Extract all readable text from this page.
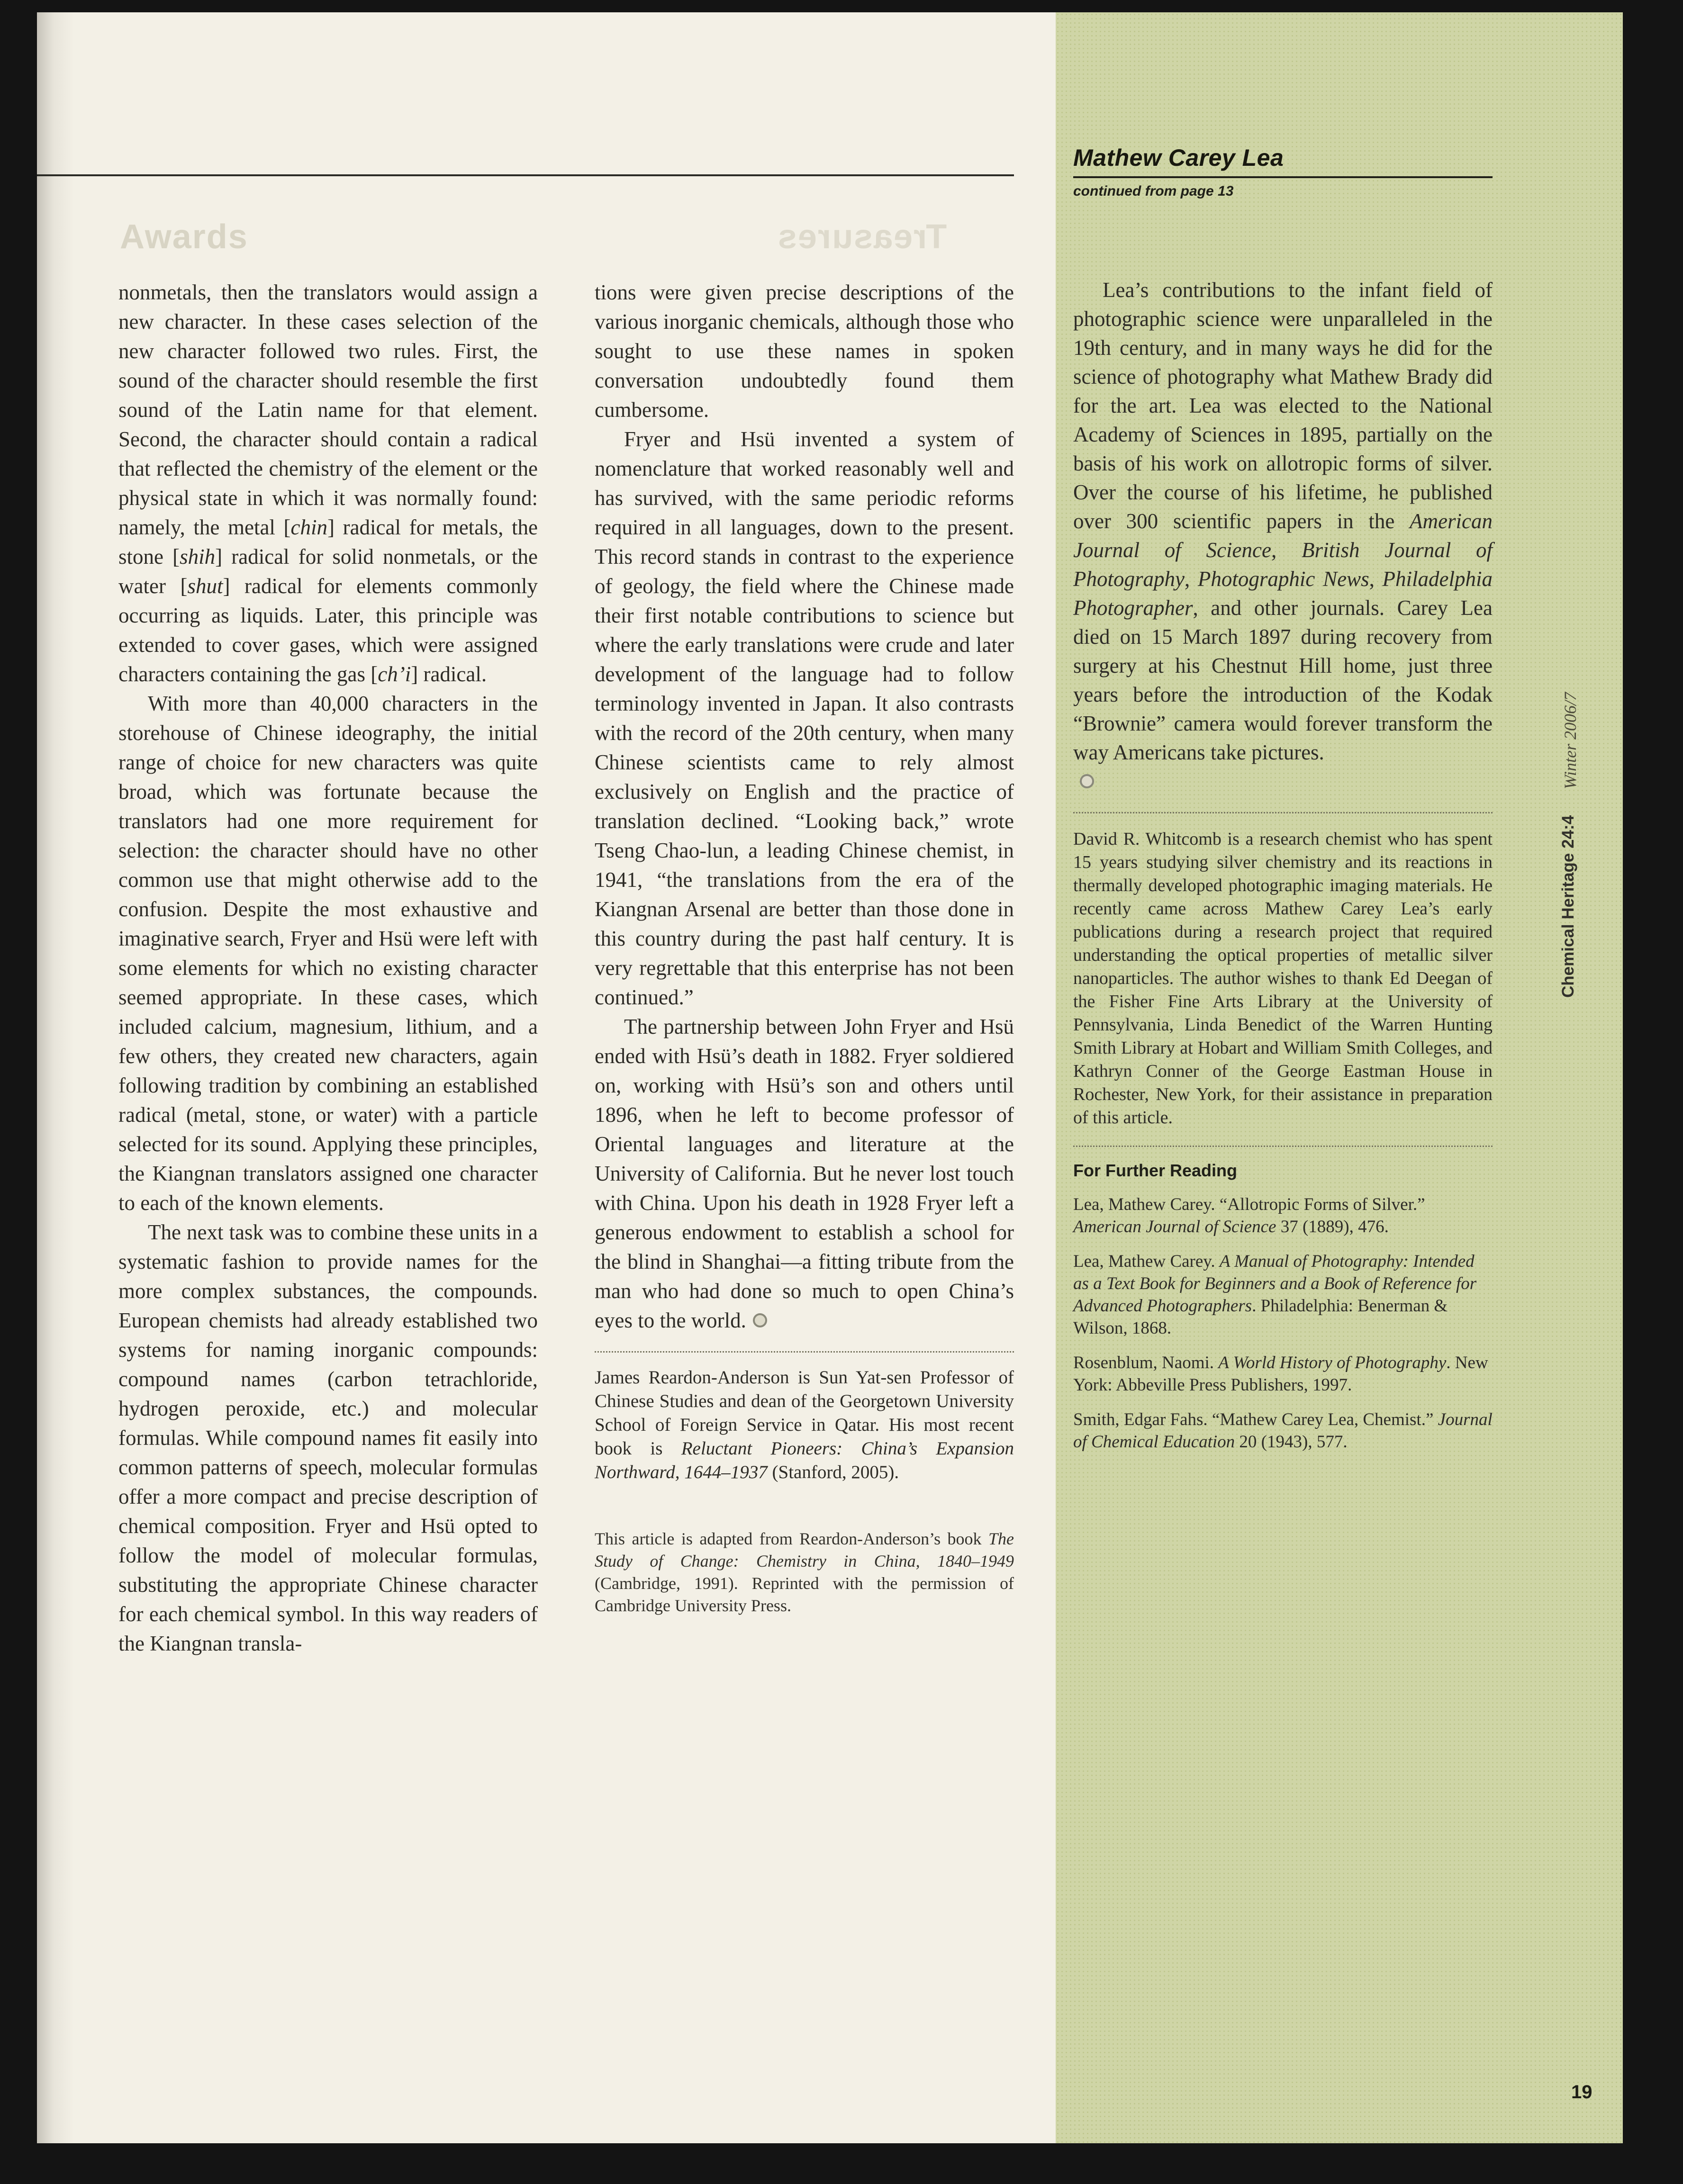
Awards	Treasures

nonmetals, then the translators would assign a new character. In these cases selection of the new character followed two rules. First, the sound of the character should resemble the first sound of the Latin name for that element. Second, the character should contain a radical that reflected the chemistry of the element or the physical state in which it was normally found: namely, the metal [chin] radical for metals, the stone [shih] radical for solid nonmetals, or the water [shut] radical for elements commonly occurring as liquids. Later, this principle was extended to cover gases, which were assigned characters containing the gas [ch’i] radical.

With more than 40,000 characters in the storehouse of Chinese ideography, the initial range of choice for new characters was quite broad, which was fortunate because the translators had one more requirement for selection: the character should have no other common use that might otherwise add to the confusion. Despite the most exhaustive and imaginative search, Fryer and Hsü were left with some elements for which no existing character seemed appropriate. In these cases, which included calcium, magnesium, lithium, and a few others, they created new characters, again following tradition by combining an established radical (metal, stone, or water) with a particle selected for its sound. Applying these principles, the Kiangnan translators assigned one character to each of the known elements.

The next task was to combine these units in a systematic fashion to provide names for the more complex substances, the compounds. European chemists had already established two systems for naming inorganic compounds: compound names (carbon tetrachloride, hydrogen peroxide, etc.) and molecular formulas. While compound names fit easily into common patterns of speech, molecular formulas offer a more compact and precise description of chemical composition. Fryer and Hsü opted to follow the model of molecular formulas, substituting the appropriate Chinese character for each chemical symbol. In this way readers of the Kiangnan transla-

tions were given precise descriptions of the various inorganic chemicals, although those who sought to use these names in spoken conversation undoubtedly found them cumbersome.

Fryer and Hsü invented a system of nomenclature that worked reasonably well and has survived, with the same periodic reforms required in all languages, down to the present. This record stands in contrast to the experience of geology, the field where the Chinese made their first notable contributions to science but where the early translations were crude and later development of the language had to follow terminology invented in Japan. It also contrasts with the record of the 20th century, when many Chinese scientists came to rely almost exclusively on English and the practice of translation declined. “Looking back,” wrote Tseng Chao-lun, a leading Chinese chemist, in 1941, “the translations from the era of the Kiangnan Arsenal are better than those done in this country during the past half century. It is very regrettable that this enterprise has not been continued.”

The partnership between John Fryer and Hsü ended with Hsü’s death in 1882. Fryer soldiered on, working with Hsü’s son and others until 1896, when he left to become professor of Oriental languages and literature at the University of California. But he never lost touch with China. Upon his death in 1928 Fryer left a generous endowment to establish a school for the blind in Shanghai—a fitting tribute from the man who had done so much to open China’s eyes to the world.

James Reardon-Anderson is Sun Yat-sen Professor of Chinese Studies and dean of the Georgetown University School of Foreign Service in Qatar. His most recent book is Reluctant Pioneers: China’s Expansion Northward, 1644–1937 (Stanford, 2005).

This article is adapted from Reardon-Anderson’s book The Study of Change: Chemistry in China, 1840–1949 (Cambridge, 1991). Reprinted with the permission of Cambridge University Press.

Mathew Carey Lea
continued from page 13

Lea’s contributions to the infant field of photographic science were unparalleled in the 19th century, and in many ways he did for the science of photography what Mathew Brady did for the art. Lea was elected to the National Academy of Sciences in 1895, partially on the basis of his work on allotropic forms of silver. Over the course of his lifetime, he published over 300 scientific papers in the American Journal of Science, British Journal of Photography, Photographic News, Philadelphia Photographer, and other journals. Carey Lea died on 15 March 1897 during recovery from surgery at his Chestnut Hill home, just three years before the introduction of the Kodak “Brownie” camera would forever transform the way Americans take pictures.

David R. Whitcomb is a research chemist who has spent 15 years studying silver chemistry and its reactions in thermally developed photographic imaging materials. He recently came across Mathew Carey Lea’s early publications during a research project that required understanding the optical properties of metallic silver nanoparticles. The author wishes to thank Ed Deegan of the Fisher Fine Arts Library at the University of Pennsylvania, Linda Benedict of the Warren Hunting Smith Library at Hobart and William Smith Colleges, and Kathryn Conner of the George Eastman House in Rochester, New York, for their assistance in preparation of this article.

For Further Reading

Lea, Mathew Carey. “Allotropic Forms of Silver.” American Journal of Science 37 (1889), 476.

Lea, Mathew Carey. A Manual of Photography: Intended as a Text Book for Beginners and a Book of Reference for Advanced Photographers. Philadelphia: Benerman & Wilson, 1868.

Rosenblum, Naomi. A World History of Photography. New York: Abbeville Press Publishers, 1997.

Smith, Edgar Fahs. “Mathew Carey Lea, Chemist.” Journal of Chemical Education 20 (1943), 577.

Winter 2006/7
Chemical Heritage 24:4
19
